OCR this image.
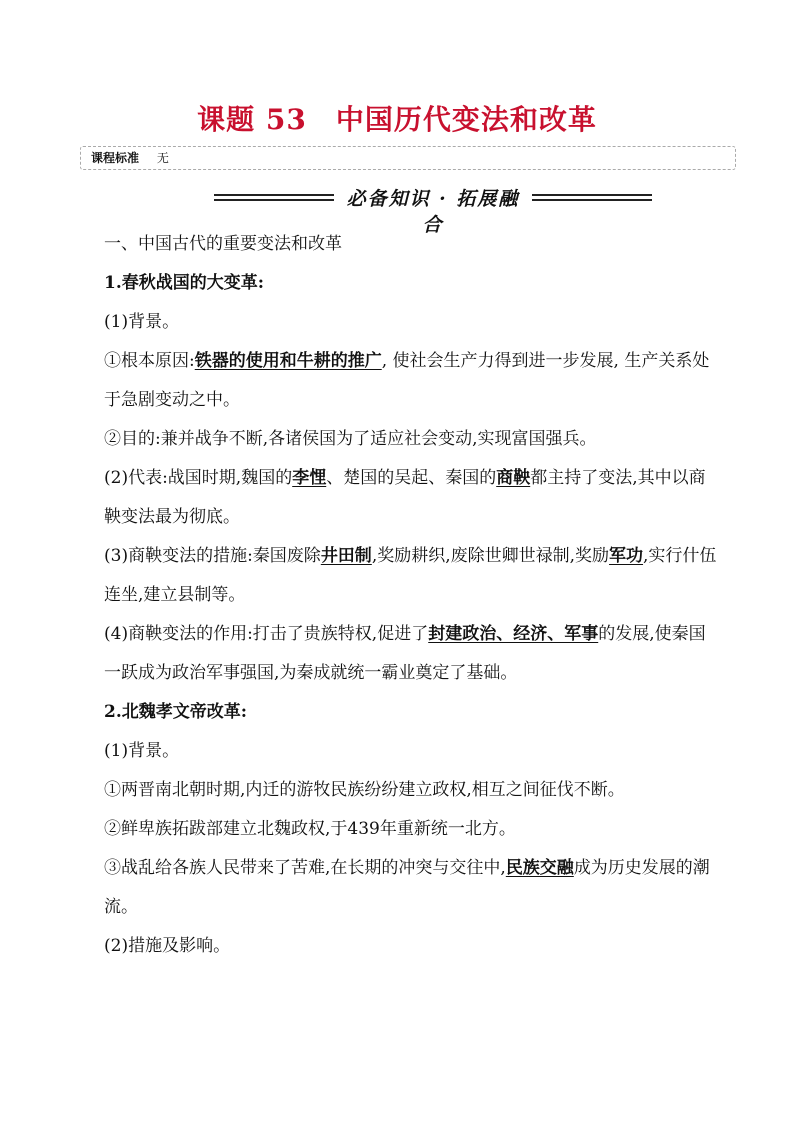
课题 53　中国历代变法和改革
课程标准 无
必备知识 · 拓展融合

一、中国古代的重要变法和改革

1.春秋战国的大变革:

(1)背景。

①根本原因:铁器的使用和牛耕的推广, 使社会生产力得到进一步发展, 生产关系处于急剧变动之中。

②目的:兼并战争不断,各诸侯国为了适应社会变动,实现富国强兵。

(2)代表:战国时期,魏国的李悝、楚国的吴起、秦国的商鞅都主持了变法,其中以商鞅变法最为彻底。

(3)商鞅变法的措施:秦国废除井田制,奖励耕织,废除世卿世禄制,奖励军功,实行什伍连坐,建立县制等。

(4)商鞅变法的作用:打击了贵族特权,促进了封建政治、经济、军事的发展,使秦国一跃成为政治军事强国,为秦成就统一霸业奠定了基础。

2.北魏孝文帝改革:

(1)背景。

①两晋南北朝时期,内迁的游牧民族纷纷建立政权,相互之间征伐不断。

②鲜卑族拓跋部建立北魏政权,于439年重新统一北方。

③战乱给各族人民带来了苦难,在长期的冲突与交往中,民族交融成为历史发展的潮流。

(2)措施及影响。
